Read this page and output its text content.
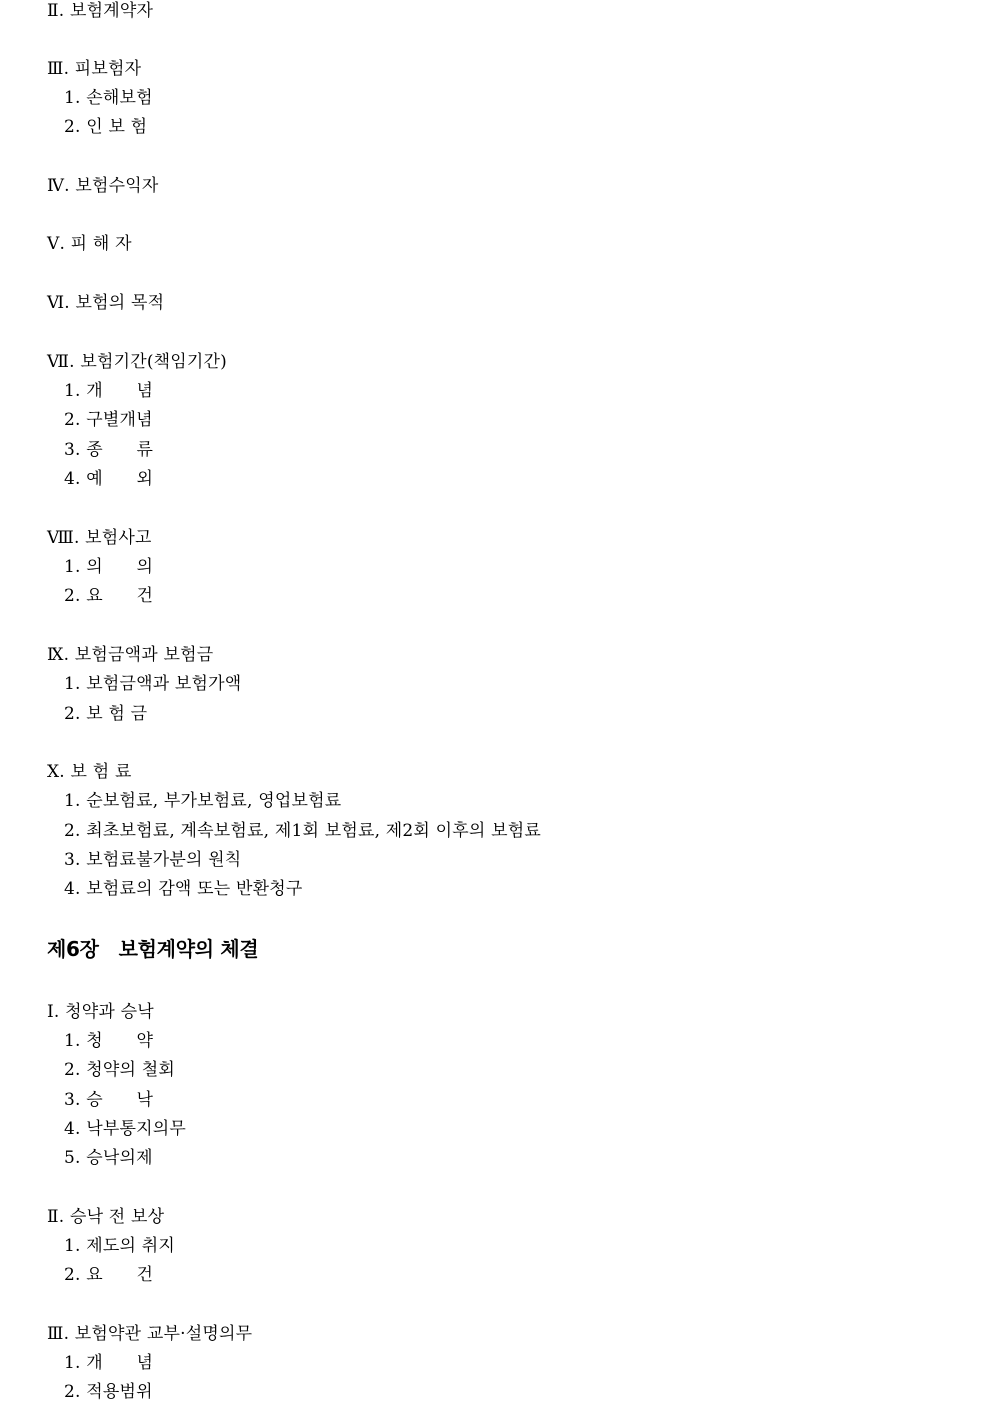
Ⅱ. 보험계약자
Ⅲ. 피보험자
1. 손해보험
2. 인 보 험
Ⅳ. 보험수익자
Ⅴ. 피 해 자
Ⅵ. 보험의 목적
Ⅶ. 보험기간(책임기간)
1. 개      념
2. 구별개념
3. 종      류
4. 예      외
Ⅷ. 보험사고
1. 의      의
2. 요      건
Ⅸ. 보험금액과 보험금
1. 보험금액과 보험가액
2. 보 험 금
Ⅹ. 보 험 료
1. 순보험료, 부가보험료, 영업보험료
2. 최초보험료, 계속보험료, 제1회 보험료, 제2회 이후의 보험료
3. 보험료불가분의 원칙
4. 보험료의 감액 또는 반환청구
제6장   보험계약의 체결
Ⅰ. 청약과 승낙
1. 청      약
2. 청약의 철회
3. 승      낙
4. 낙부통지의무
5. 승낙의제
Ⅱ. 승낙 전 보상
1. 제도의 취지
2. 요      건
Ⅲ. 보험약관 교부·설명의무
1. 개      념
2. 적용범위
